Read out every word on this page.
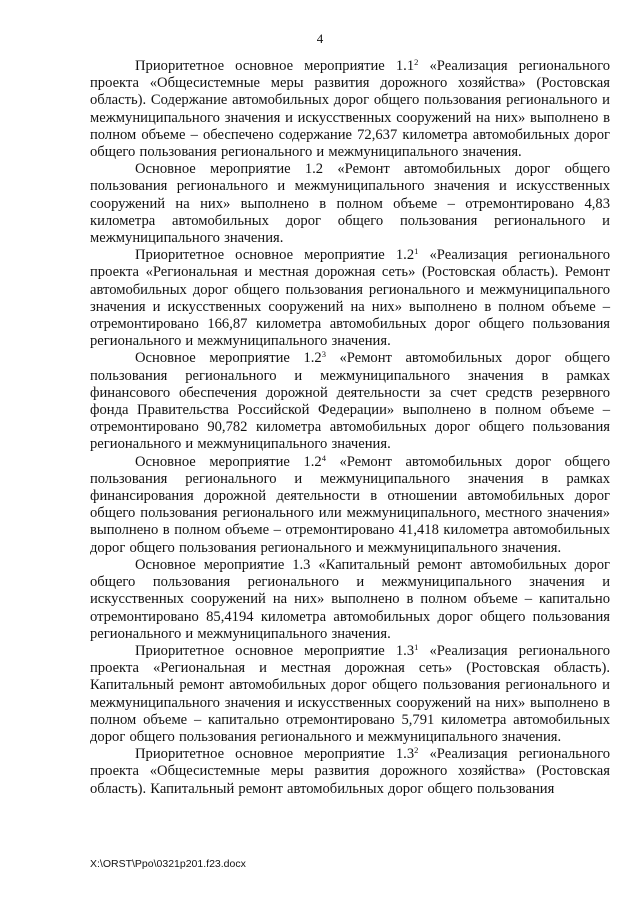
4

Приоритетное основное мероприятие $1.1^2$ «Реализация регионального проекта «Общесистемные меры развития дорожного хозяйства» (Ростовская область). Содержание автомобильных дорог общего пользования регионального и межмуниципального значения и искусственных сооружений на них» выполнено в полном объеме – обеспечено содержание 72,637 километра автомобильных дорог общего пользования регионального и межмуниципального значения.

Основное мероприятие 1.2 «Ремонт автомобильных дорог общего пользования регионального и межмуниципального значения и искусственных сооружений на них» выполнено в полном объеме – отремонтировано 4,83 километра автомобильных дорог общего пользования регионального и межмуниципального значения.

Приоритетное основное мероприятие $1.2^1$ «Реализация регионального проекта «Региональная и местная дорожная сеть» (Ростовская область). Ремонт автомобильных дорог общего пользования регионального и межмуниципального значения и искусственных сооружений на них» выполнено в полном объеме – отремонтировано 166,87 километра автомобильных дорог общего пользования регионального и межмуниципального значения.

Основное мероприятие $1.2^3$ «Ремонт автомобильных дорог общего пользования регионального и межмуниципального значения в рамках финансового обеспечения дорожной деятельности за счет средств резервного фонда Правительства Российской Федерации» выполнено в полном объеме – отремонтировано 90,782 километра автомобильных дорог общего пользования регионального и межмуниципального значения.

Основное мероприятие $1.2^4$ «Ремонт автомобильных дорог общего пользования регионального и межмуниципального значения в рамках финансирования дорожной деятельности в отношении автомобильных дорог общего пользования регионального или межмуниципального, местного значения» выполнено в полном объеме – отремонтировано 41,418 километра автомобильных дорог общего пользования регионального и межмуниципального значения.

Основное мероприятие 1.3 «Капитальный ремонт автомобильных дорог общего пользования регионального и межмуниципального значения и искусственных сооружений на них» выполнено в полном объеме – капитально отремонтировано 85,4194 километра автомобильных дорог общего пользования регионального и межмуниципального значения.

Приоритетное основное мероприятие $1.3^1$ «Реализация регионального проекта «Региональная и местная дорожная сеть» (Ростовская область). Капитальный ремонт автомобильных дорог общего пользования регионального и межмуниципального значения и искусственных сооружений на них» выполнено в полном объеме – капитально отремонтировано 5,791 километра автомобильных дорог общего пользования регионального и межмуниципального значения.

Приоритетное основное мероприятие $1.3^2$ «Реализация регионального проекта «Общесистемные меры развития дорожного хозяйства» (Ростовская область). Капитальный ремонт автомобильных дорог общего пользования

X:\ORST\Ppo\0321p201.f23.docx
